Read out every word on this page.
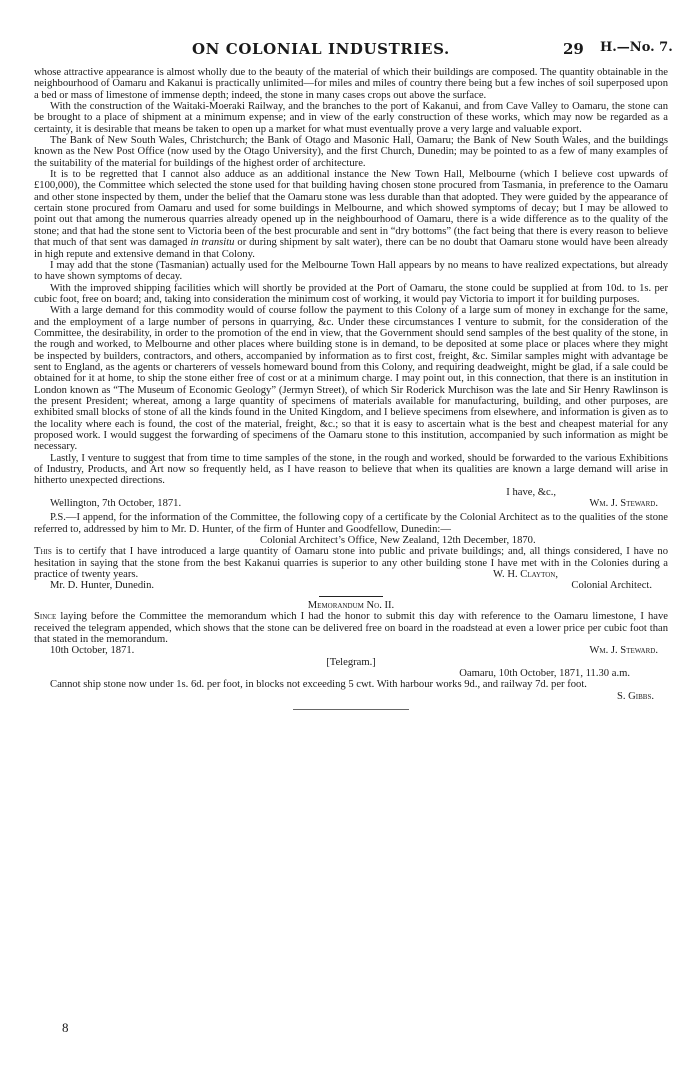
ON COLONIAL INDUSTRIES.	29 H.—No. 7.

whose attractive appearance is almost wholly due to the beauty of the material of which their buildings are composed. The quantity obtainable in the neighbourhood of Oamaru and Kakanui is practically unlimited—for miles and miles of country there being but a few inches of soil superposed upon a bed or mass of limestone of immense depth; indeed, the stone in many cases crops out above the surface.

With the construction of the Waitaki-Moeraki Railway, and the branches to the port of Kakanui, and from Cave Valley to Oamaru, the stone can be brought to a place of shipment at a minimum expense; and in view of the early construction of these works, which may now be regarded as a certainty, it is desirable that means be taken to open up a market for what must eventually prove a very large and valuable export.

The Bank of New South Wales, Christchurch; the Bank of Otago and Masonic Hall, Oamaru; the Bank of New South Wales, and the buildings known as the New Post Office (now used by the Otago University), and the first Church, Dunedin; may be pointed to as a few of many examples of the suitability of the material for buildings of the highest order of architecture.

It is to be regretted that I cannot also adduce as an additional instance the New Town Hall, Melbourne (which I believe cost upwards of £100,000), the Committee which selected the stone used for that building having chosen stone procured from Tasmania, in preference to the Oamaru and other stone inspected by them, under the belief that the Oamaru stone was less durable than that adopted. They were guided by the appearance of certain stone procured from Oamaru and used for some buildings in Melbourne, and which showed symptoms of decay; but I may be allowed to point out that among the numerous quarries already opened up in the neighbourhood of Oamaru, there is a wide difference as to the quality of the stone; and that had the stone sent to Victoria been of the best procurable and sent in “dry bottoms” (the fact being that there is every reason to believe that much of that sent was damaged in transitu or during shipment by salt water), there can be no doubt that Oamaru stone would have been already in high repute and extensive demand in that Colony.

I may add that the stone (Tasmanian) actually used for the Melbourne Town Hall appears by no means to have realized expectations, but already to have shown symptoms of decay.

With the improved shipping facilities which will shortly be provided at the Port of Oamaru, the stone could be supplied at from 10d. to 1s. per cubic foot, free on board; and, taking into consideration the minimum cost of working, it would pay Victoria to import it for building purposes.

With a large demand for this commodity would of course follow the payment to this Colony of a large sum of money in exchange for the same, and the employment of a large number of persons in quarrying, &c. Under these circumstances I venture to submit, for the consideration of the Committee, the desirability, in order to the promotion of the end in view, that the Government should send samples of the best quality of the stone, in the rough and worked, to Melbourne and other places where building stone is in demand, to be deposited at some place or places where they might be inspected by builders, contractors, and others, accompanied by information as to first cost, freight, &c. Similar samples might with advantage be sent to England, as the agents or charterers of vessels homeward bound from this Colony, and requiring deadweight, might be glad, if a sale could be obtained for it at home, to ship the stone either free of cost or at a minimum charge. I may point out, in this connection, that there is an institution in London known as “The Museum of Economic Geology” (Jermyn Street), of which Sir Roderick Murchison was the late and Sir Henry Rawlinson is the present President; whereat, among a large quantity of specimens of materials available for manufacturing, building, and other purposes, are exhibited small blocks of stone of all the kinds found in the United Kingdom, and I believe specimens from elsewhere, and information is given as to the locality where each is found, the cost of the material, freight, &c.; so that it is easy to ascertain what is the best and cheapest material for any proposed work. I would suggest the forwarding of specimens of the Oamaru stone to this institution, accompanied by such information as might be necessary.

Lastly, I venture to suggest that from time to time samples of the stone, in the rough and worked, should be forwarded to the various Exhibitions of Industry, Products, and Art now so frequently held, as I have reason to believe that when its qualities are known a large demand will arise in hitherto unexpected directions.

I have, &c.,

Wellington, 7th October, 1871.	Wm. J. Steward.

P.S.—I append, for the information of the Committee, the following copy of a certificate by the Colonial Architect as to the qualities of the stone referred to, addressed by him to Mr. D. Hunter, of the firm of Hunter and Goodfellow, Dunedin:—

Colonial Architect’s Office, New Zealand, 12th December, 1870.

This is to certify that I have introduced a large quantity of Oamaru stone into public and private buildings; and, all things considered, I have no hesitation in saying that the stone from the best Kakanui quarries is superior to any other building stone I have met with in the Colonies during a practice of twenty years.	W. H. Clayton,

Mr. D. Hunter, Dunedin.	Colonial Architect.

Memorandum No. II.

Since laying before the Committee the memorandum which I had the honor to submit this day with reference to the Oamaru limestone, I have received the telegram appended, which shows that the stone can be delivered free on board in the roadstead at even a lower price per cubic foot than that stated in the memorandum.

10th October, 1871.	Wm. J. Steward.

[Telegram.]

Oamaru, 10th October, 1871, 11.30 a.m.

Cannot ship stone now under 1s. 6d. per foot, in blocks not exceeding 5 cwt. With harbour works 9d., and railway 7d. per foot.

S. Gibbs.

8
